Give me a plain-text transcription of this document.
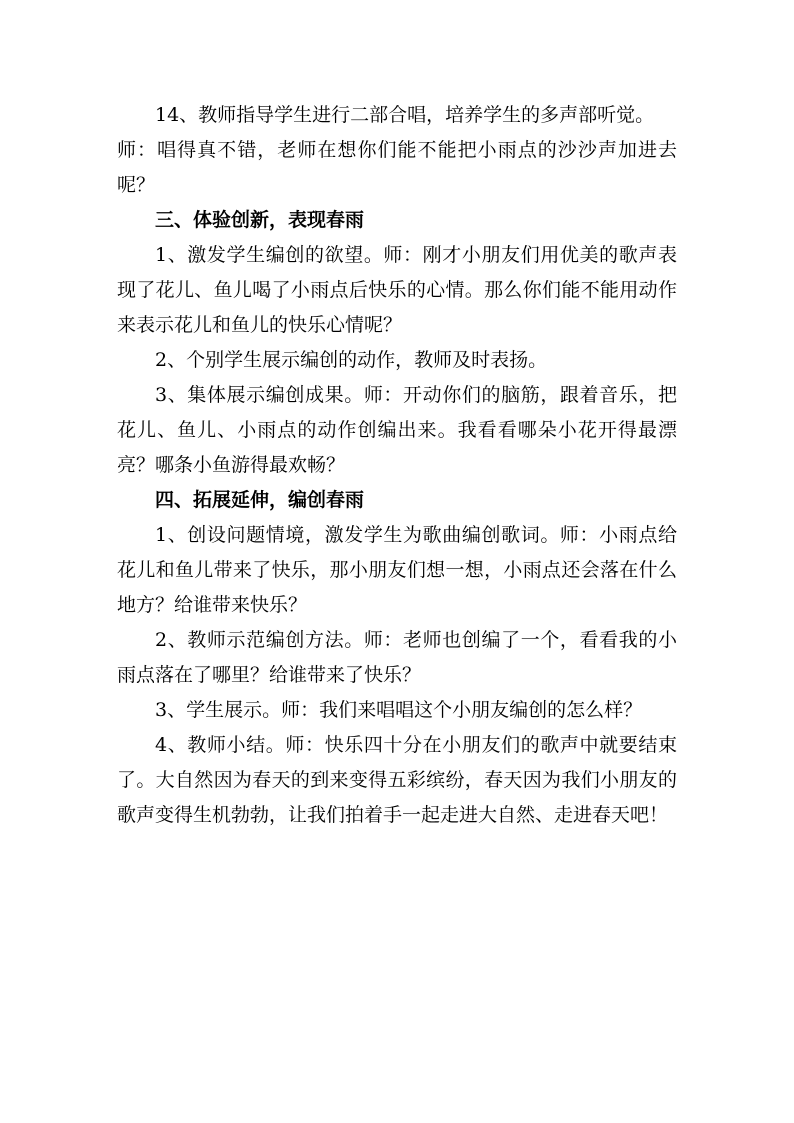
14、教师指导学生进行二部合唱，培养学生的多声部听觉。

师：唱得真不错，老师在想你们能不能把小雨点的沙沙声加进去呢？

三、体验创新，表现春雨

1、激发学生编创的欲望。师：刚才小朋友们用优美的歌声表现了花儿、鱼儿喝了小雨点后快乐的心情。那么你们能不能用动作来表示花儿和鱼儿的快乐心情呢？

2、个别学生展示编创的动作，教师及时表扬。

3、集体展示编创成果。师：开动你们的脑筋，跟着音乐，把花儿、鱼儿、小雨点的动作创编出来。我看看哪朵小花开得最漂亮？哪条小鱼游得最欢畅？

四、拓展延伸，编创春雨

1、创设问题情境，激发学生为歌曲编创歌词。师：小雨点给花儿和鱼儿带来了快乐，那小朋友们想一想，小雨点还会落在什么地方？给谁带来快乐？

2、教师示范编创方法。师：老师也创编了一个，看看我的小雨点落在了哪里？给谁带来了快乐？

3、学生展示。师：我们来唱唱这个小朋友编创的怎么样？

4、教师小结。师：快乐四十分在小朋友们的歌声中就要结束了。大自然因为春天的到来变得五彩缤纷，春天因为我们小朋友的歌声变得生机勃勃，让我们拍着手一起走进大自然、走进春天吧！
